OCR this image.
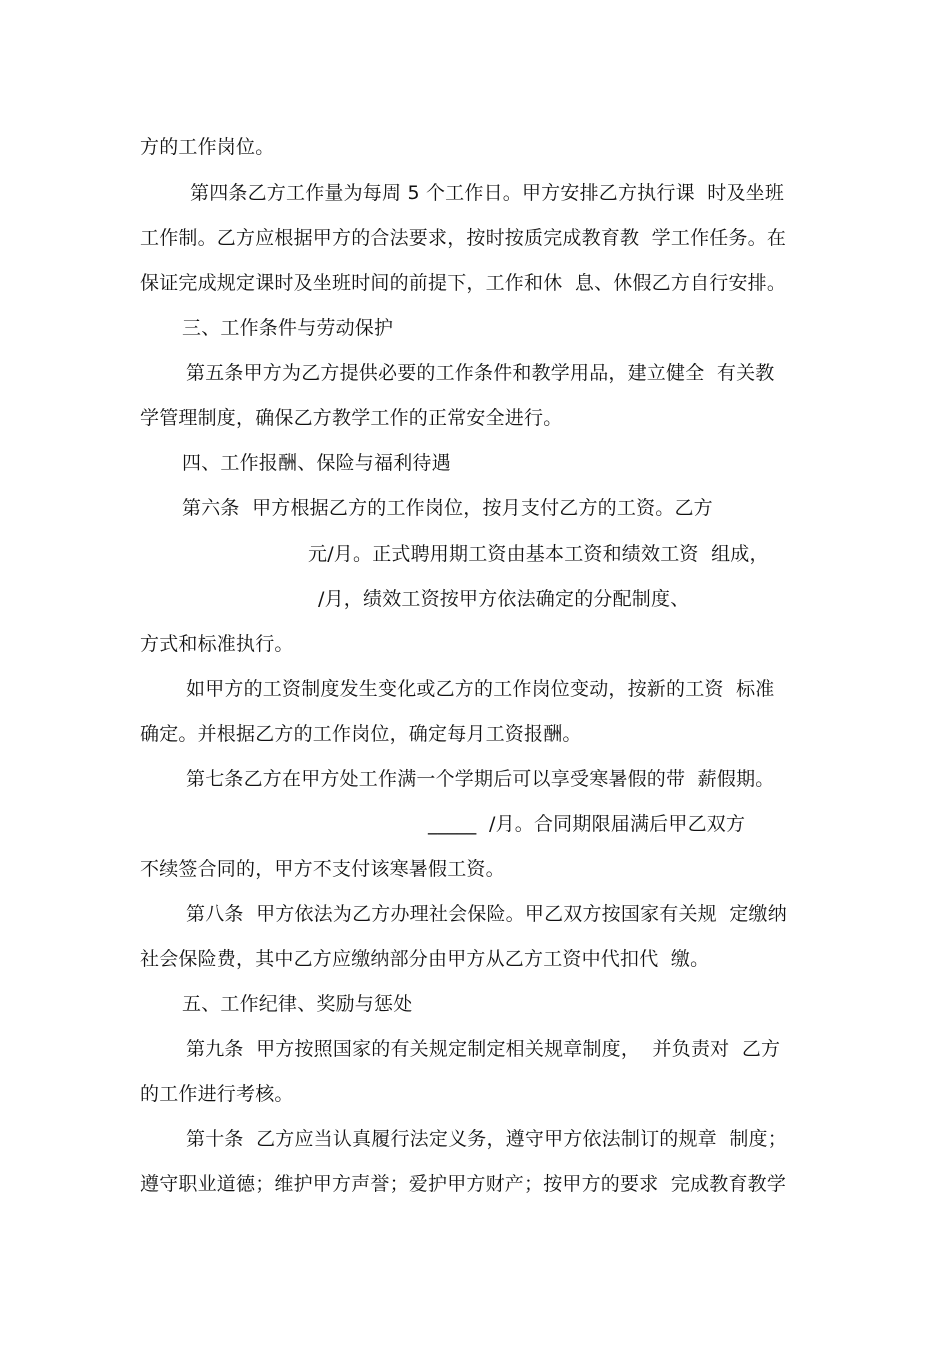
方的工作岗位。
第四条乙方工作量为每周 5 个工作日。甲方安排乙方执行课  时及坐班
工作制。乙方应根据甲方的合法要求，按时按质完成教育教  学工作任务。在
保证完成规定课时及坐班时间的前提下，工作和休  息、休假乙方自行安排。
三、工作条件与劳动保护
第五条甲方为乙方提供必要的工作条件和教学用品，建立健全  有关教
学管理制度，确保乙方教学工作的正常安全进行。
四、工作报酬、保险与福利待遇
第六条  甲方根据乙方的工作岗位，按月支付乙方的工资。乙方
元/月。正式聘用期工资由基本工资和绩效工资  组成，
/月，绩效工资按甲方依法确定的分配制度、
方式和标准执行。
如甲方的工资制度发生变化或乙方的工作岗位变动，按新的工资  标准
确定。并根据乙方的工作岗位，确定每月工资报酬。
第七条乙方在甲方处工作满一个学期后可以享受寒暑假的带  薪假期。
_____  /月。合同期限届满后甲乙双方
不续签合同的，甲方不支付该寒暑假工资。
第八条  甲方依法为乙方办理社会保险。甲乙双方按国家有关规  定缴纳
社会保险费，其中乙方应缴纳部分由甲方从乙方工资中代扣代  缴。
五、工作纪律、奖励与惩处
第九条  甲方按照国家的有关规定制定相关规章制度，  并负责对  乙方
的工作进行考核。
第十条  乙方应当认真履行法定义务，遵守甲方依法制订的规章  制度；
遵守职业道德；维护甲方声誉；爱护甲方财产；按甲方的要求  完成教育教学
